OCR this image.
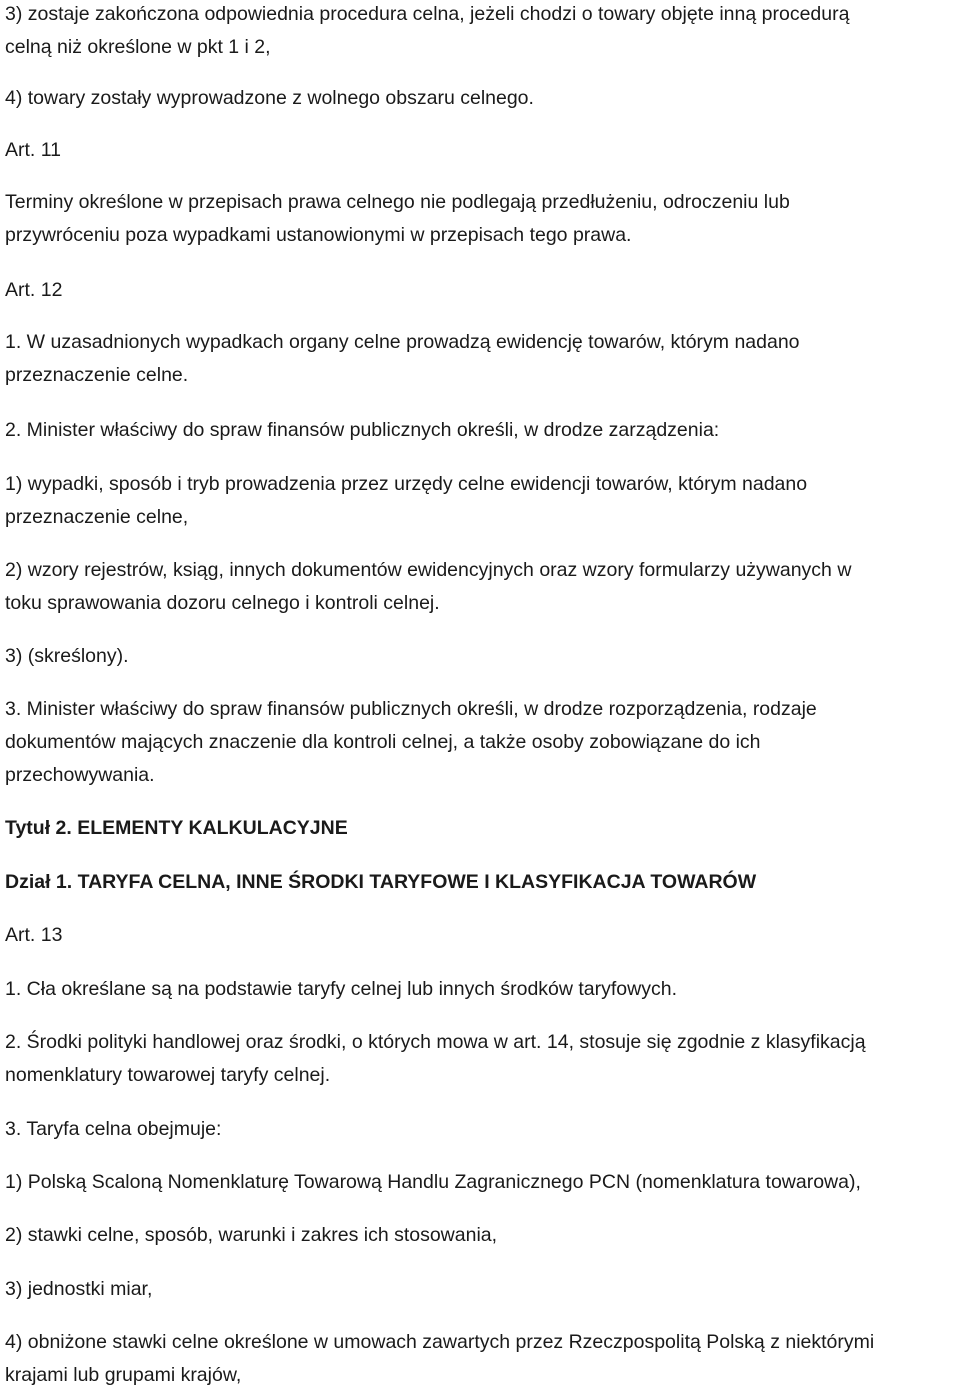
3) zostaje zakończona odpowiednia procedura celna, jeżeli chodzi o towary objęte inną procedurą
celną niż określone w pkt 1 i 2,

4) towary zostały wyprowadzone z wolnego obszaru celnego.

Art. 11

Terminy określone w przepisach prawa celnego nie podlegają przedłużeniu, odroczeniu lub
przywróceniu poza wypadkami ustanowionymi w przepisach tego prawa.

Art. 12

1. W uzasadnionych wypadkach organy celne prowadzą ewidencję towarów, którym nadano
przeznaczenie celne.

2. Minister właściwy do spraw finansów publicznych określi, w drodze zarządzenia:

1) wypadki, sposób i tryb prowadzenia przez urzędy celne ewidencji towarów, którym nadano
przeznaczenie celne,

2) wzory rejestrów, ksiąg, innych dokumentów ewidencyjnych oraz wzory formularzy używanych w
toku sprawowania dozoru celnego i kontroli celnej.

3) (skreślony).

3. Minister właściwy do spraw finansów publicznych określi, w drodze rozporządzenia, rodzaje
dokumentów mających znaczenie dla kontroli celnej, a także osoby zobowiązane do ich
przechowywania.

Tytuł 2. ELEMENTY KALKULACYJNE

Dział 1. TARYFA CELNA, INNE ŚRODKI TARYFOWE I KLASYFIKACJA TOWARÓW

Art. 13

1. Cła określane są na podstawie taryfy celnej lub innych środków taryfowych.

2. Środki polityki handlowej oraz środki, o których mowa w art. 14, stosuje się zgodnie z klasyfikacją
nomenklatury towarowej taryfy celnej.

3. Taryfa celna obejmuje:

1) Polską Scaloną Nomenklaturę Towarową Handlu Zagranicznego PCN (nomenklatura towarowa),

2) stawki celne, sposób, warunki i zakres ich stosowania,

3) jednostki miar,

4) obniżone stawki celne określone w umowach zawartych przez Rzeczpospolitą Polską z niektórymi
krajami lub grupami krajów,
